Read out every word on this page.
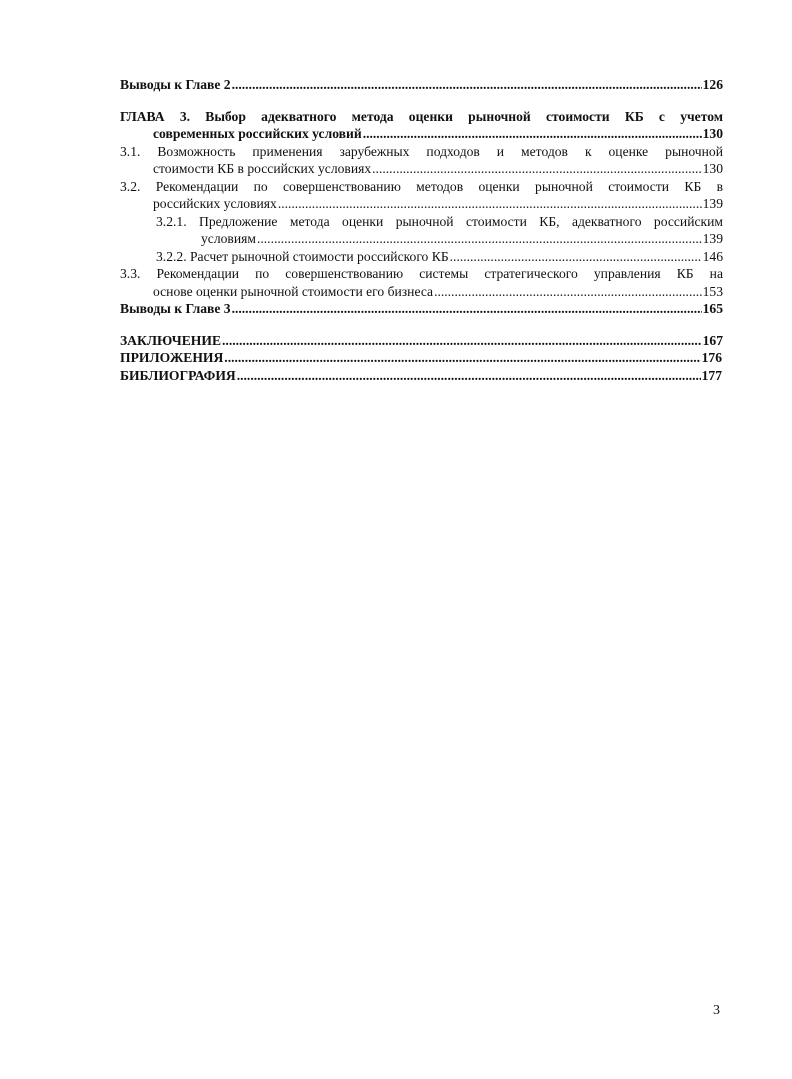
Выводы к Главе 2 .....	126
ГЛАВА 3. Выбор адекватного метода оценки рыночной стоимости КБ с учетом
современных российских условий .....	130
3.1. Возможность применения зарубежных подходов и методов к оценке рыночной
стоимости КБ в российских условиях .....	130
3.2. Рекомендации по совершенствованию методов оценки рыночной стоимости КБ в
российских условиях .....	139
3.2.1. Предложение метода оценки рыночной стоимости КБ, адекватного российским
условиям .....	139
3.2.2. Расчет рыночной стоимости российского КБ .....	146
3.3. Рекомендации по совершенствованию системы стратегического управления КБ на
основе оценки рыночной стоимости его бизнеса .....	153
Выводы к Главе 3 .....	165
ЗАКЛЮЧЕНИЕ .....	167
ПРИЛОЖЕНИЯ .....	176
БИБЛИОГРАФИЯ .....	177
3
